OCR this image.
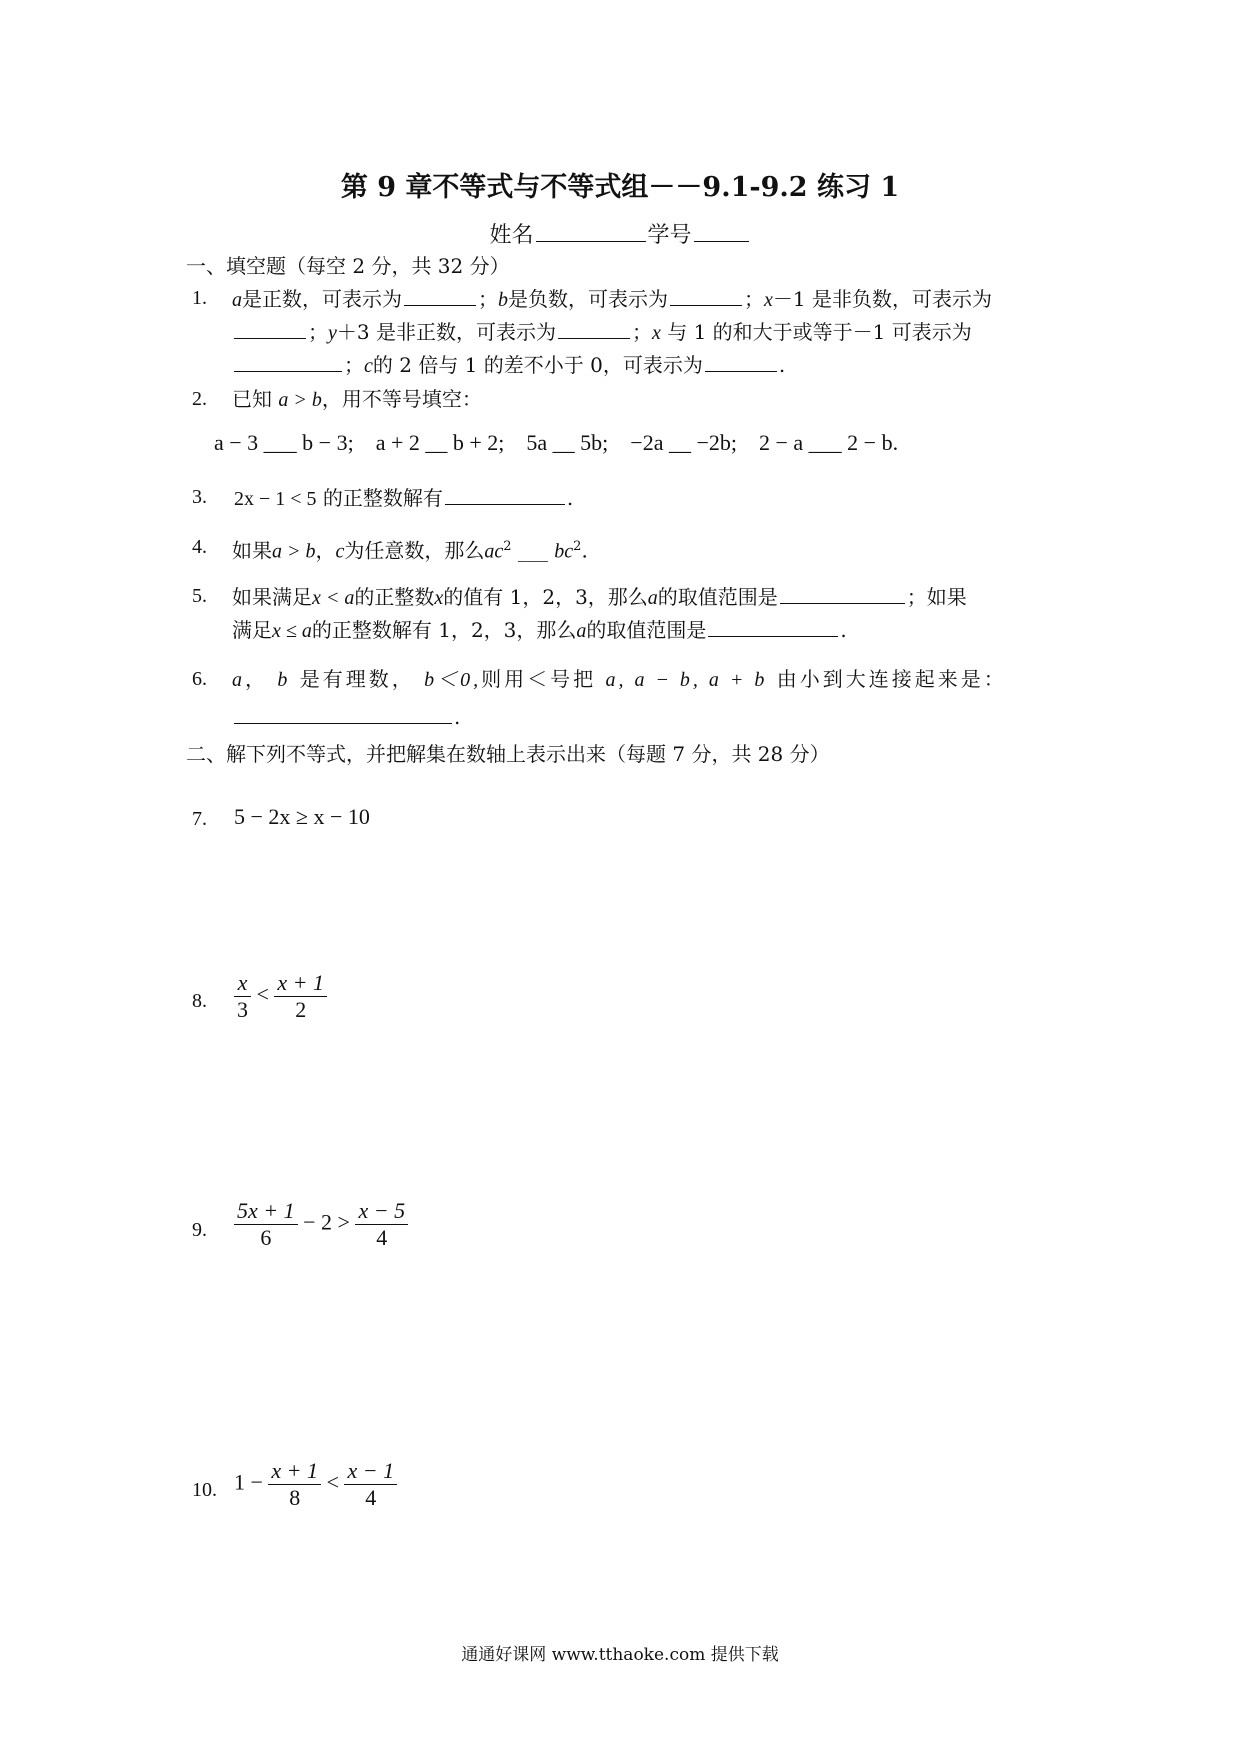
第 9 章不等式与不等式组－－9.1-9.2 练习 1
姓名	学号
一、填空题（每空 2 分，共 32 分）
1. a是正数，可表示为	；b是负数，可表示为	；x－1 是非负数，可表示为
；y＋3 是非正数，可表示为	；x 与 1 的和大于或等于－1 可表示为
；c的 2 倍与 1 的差不小于 0，可表示为	.
2. 已知 a > b，用不等号填空：
a − 3 ___ b − 3; a + 2 __ b + 2; 5a __ 5b; −2a __ −2b; 2 − a ___ 2 − b.
3. 2x − 1 < 5 的正整数解有	.
4. 如果a > b，c为任意数，那么$ac^2$ ___ $bc^2$.
5. 如果满足x < a的正整数x的值有 1，2，3，那么a的取值范围是	；如果
满足x ≤ a的正整数解有 1，2，3，那么a的取值范围是	.
6. a， b 是有理数， b＜0,则用＜号把 a, a − b, a + b 由小到大连接起来是：
.
二、解下列不等式，并把解集在数轴上表示出来（每题 7 分，共 28 分）
7. 5 − 2x ≥ x − 10
8. $\frac{x}{3} < \frac{x + 1}{2}$
9. $\frac{5x + 1}{6} - 2 > \frac{x - 5}{4}$
10. $1 - \frac{x + 1}{8} < \frac{x - 1}{4}$
通通好课网 www.tthaoke.com 提供下载
